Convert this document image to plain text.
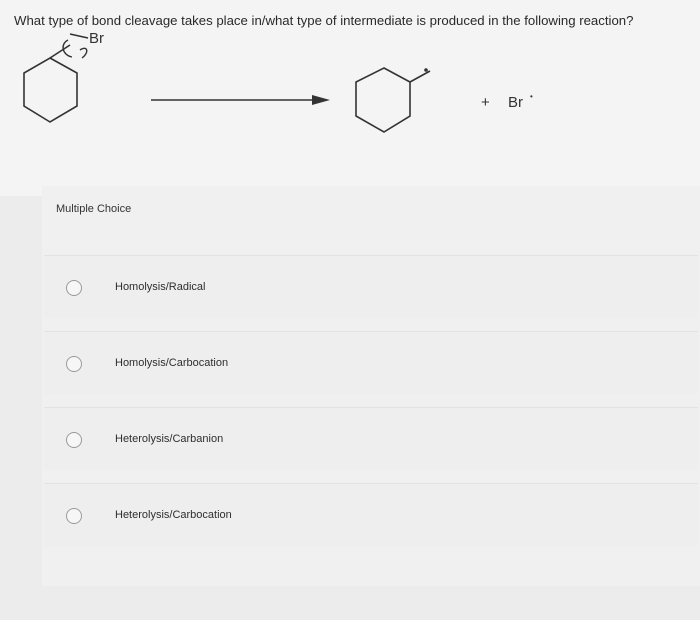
What type of bond cleavage takes place in/what type of intermediate is produced in the following reaction?
Br
+ Br •
Multiple Choice
Homolysis/Radical
Homolysis/Carbocation
Heterolysis/Carbanion
Heterolysis/Carbocation
